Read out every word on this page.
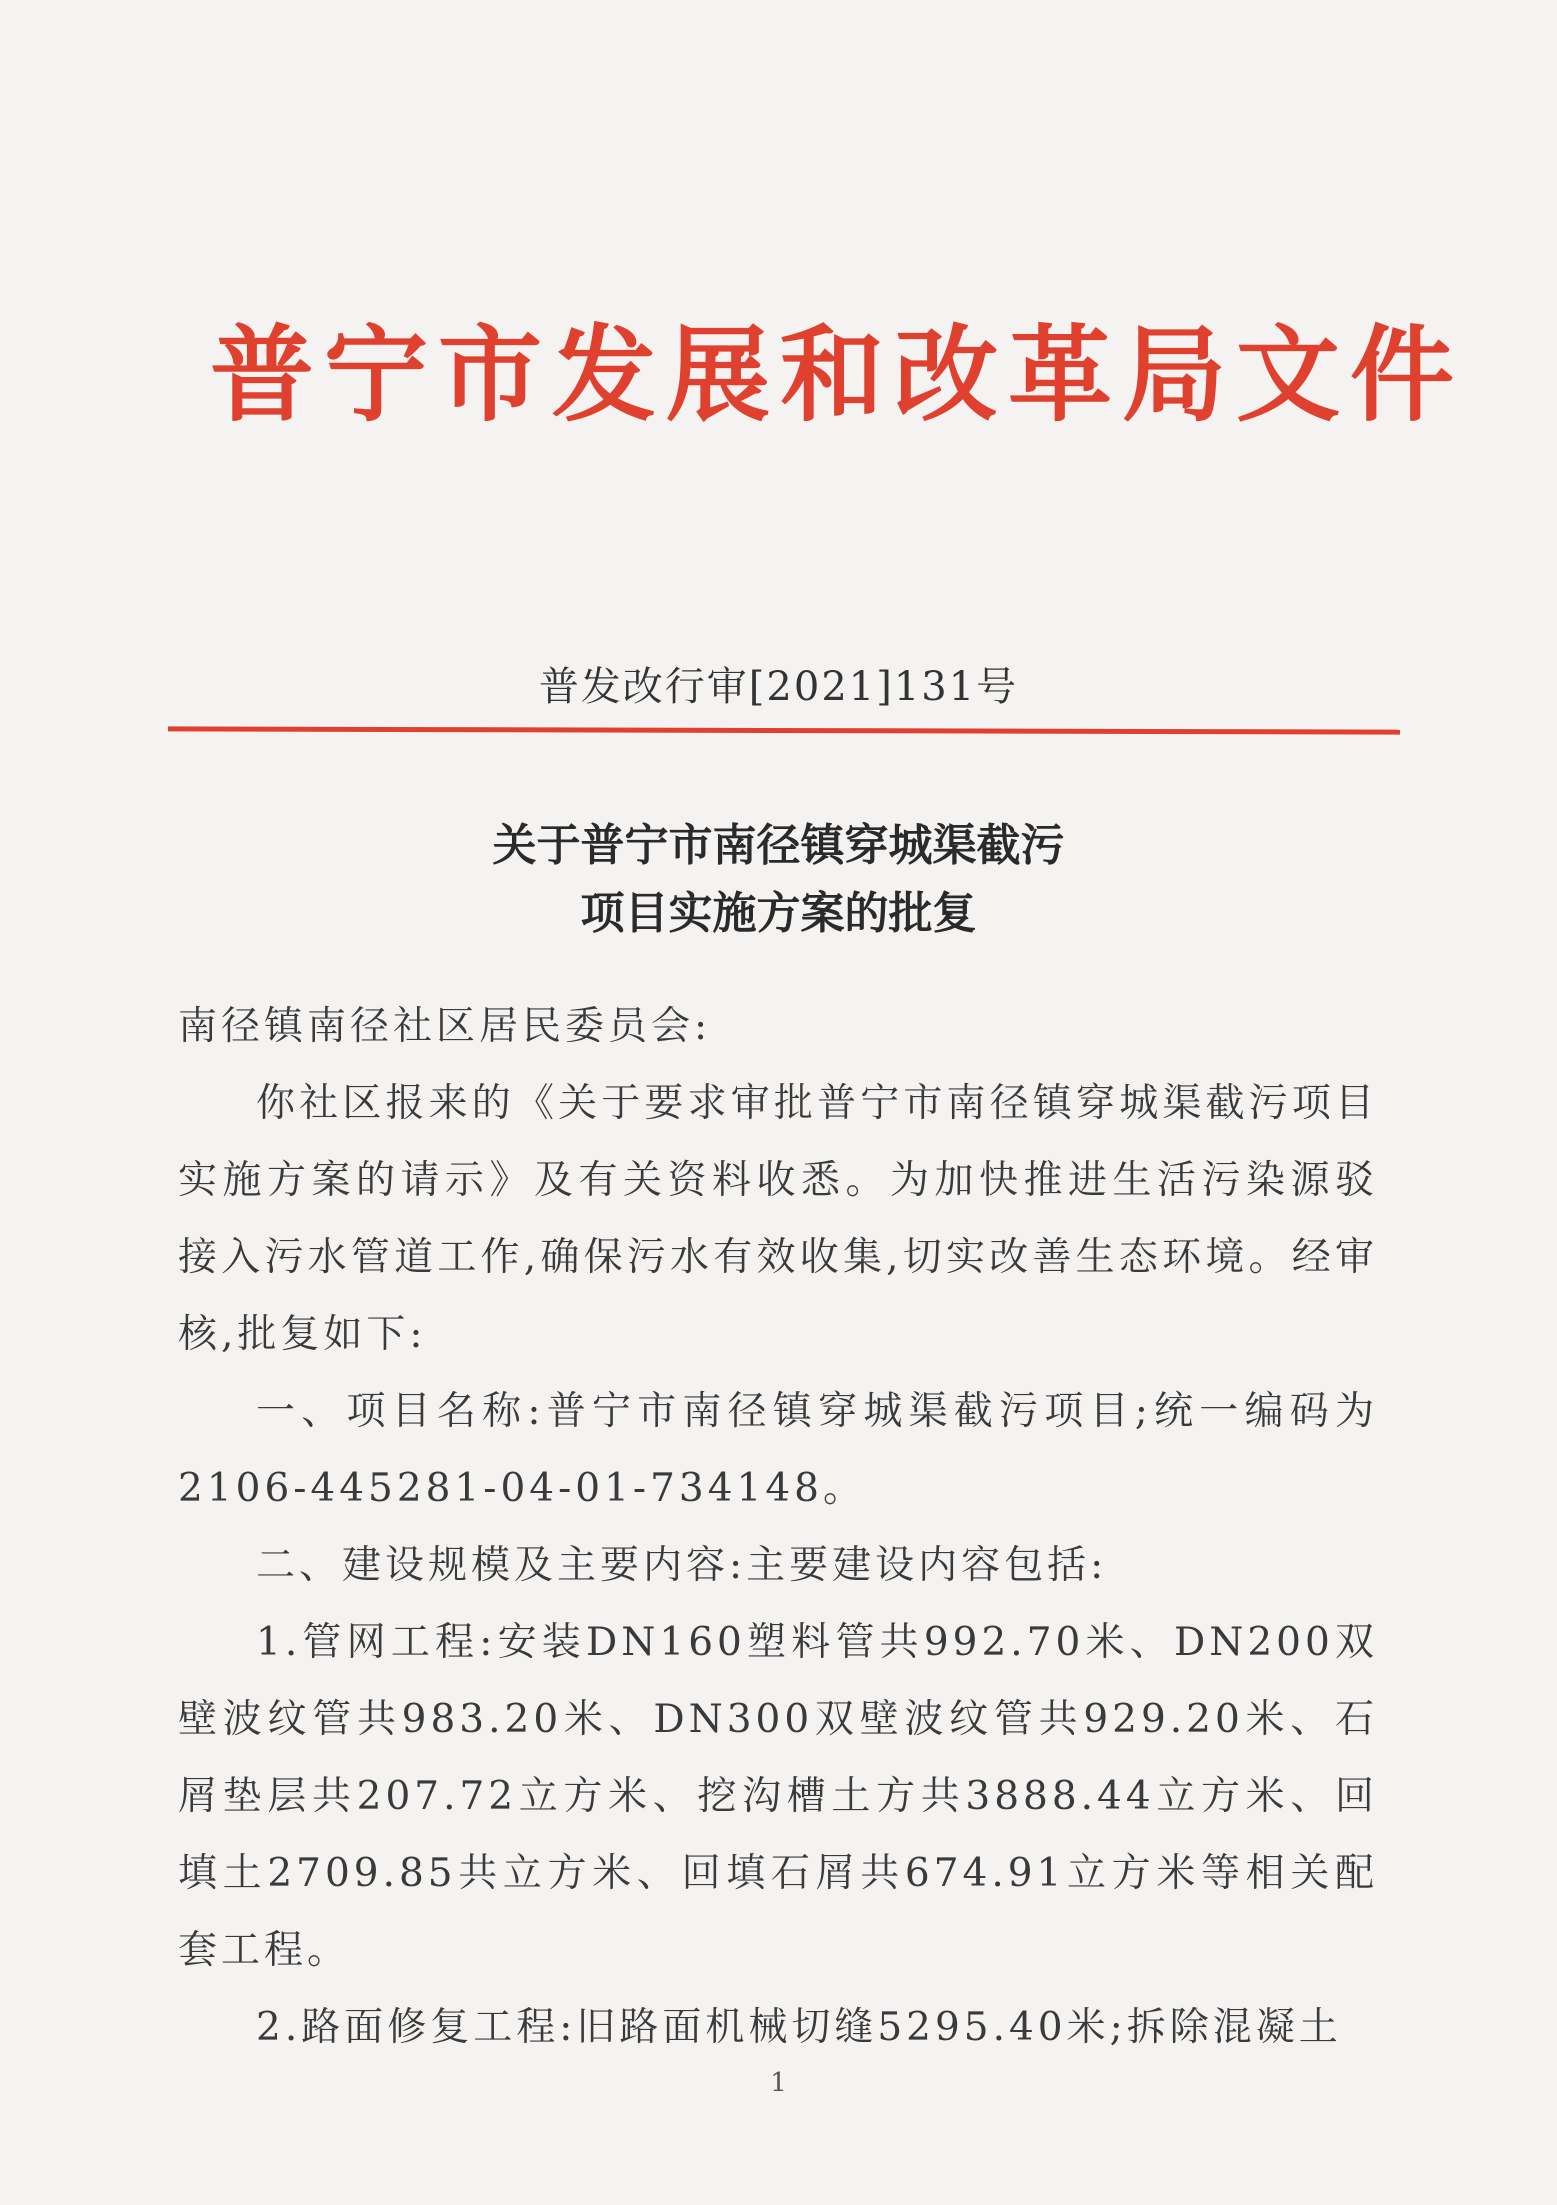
普宁市发展和改革局文件
普发改行审[2021]131号
关于普宁市南径镇穿城渠截污
项目实施方案的批复

南径镇南径社区居民委员会:

你社区报来的《关于要求审批普宁市南径镇穿城渠截污项目实施方案的请示》及有关资料收悉。为加快推进生活污染源驳接入污水管道工作,确保污水有效收集,切实改善生态环境。经审核,批复如下:

一、项目名称:普宁市南径镇穿城渠截污项目;统一编码为2106-445281-04-01-734148。

二、建设规模及主要内容:主要建设内容包括:

1.管网工程:安装DN160塑料管共992.70米、DN200双壁波纹管共983.20米、DN300双壁波纹管共929.20米、石屑垫层共207.72立方米、挖沟槽土方共3888.44立方米、回填土2709.85共立方米、回填石屑共674.91立方米等相关配套工程。

2.路面修复工程:旧路面机械切缝5295.40米;拆除混凝土

1
